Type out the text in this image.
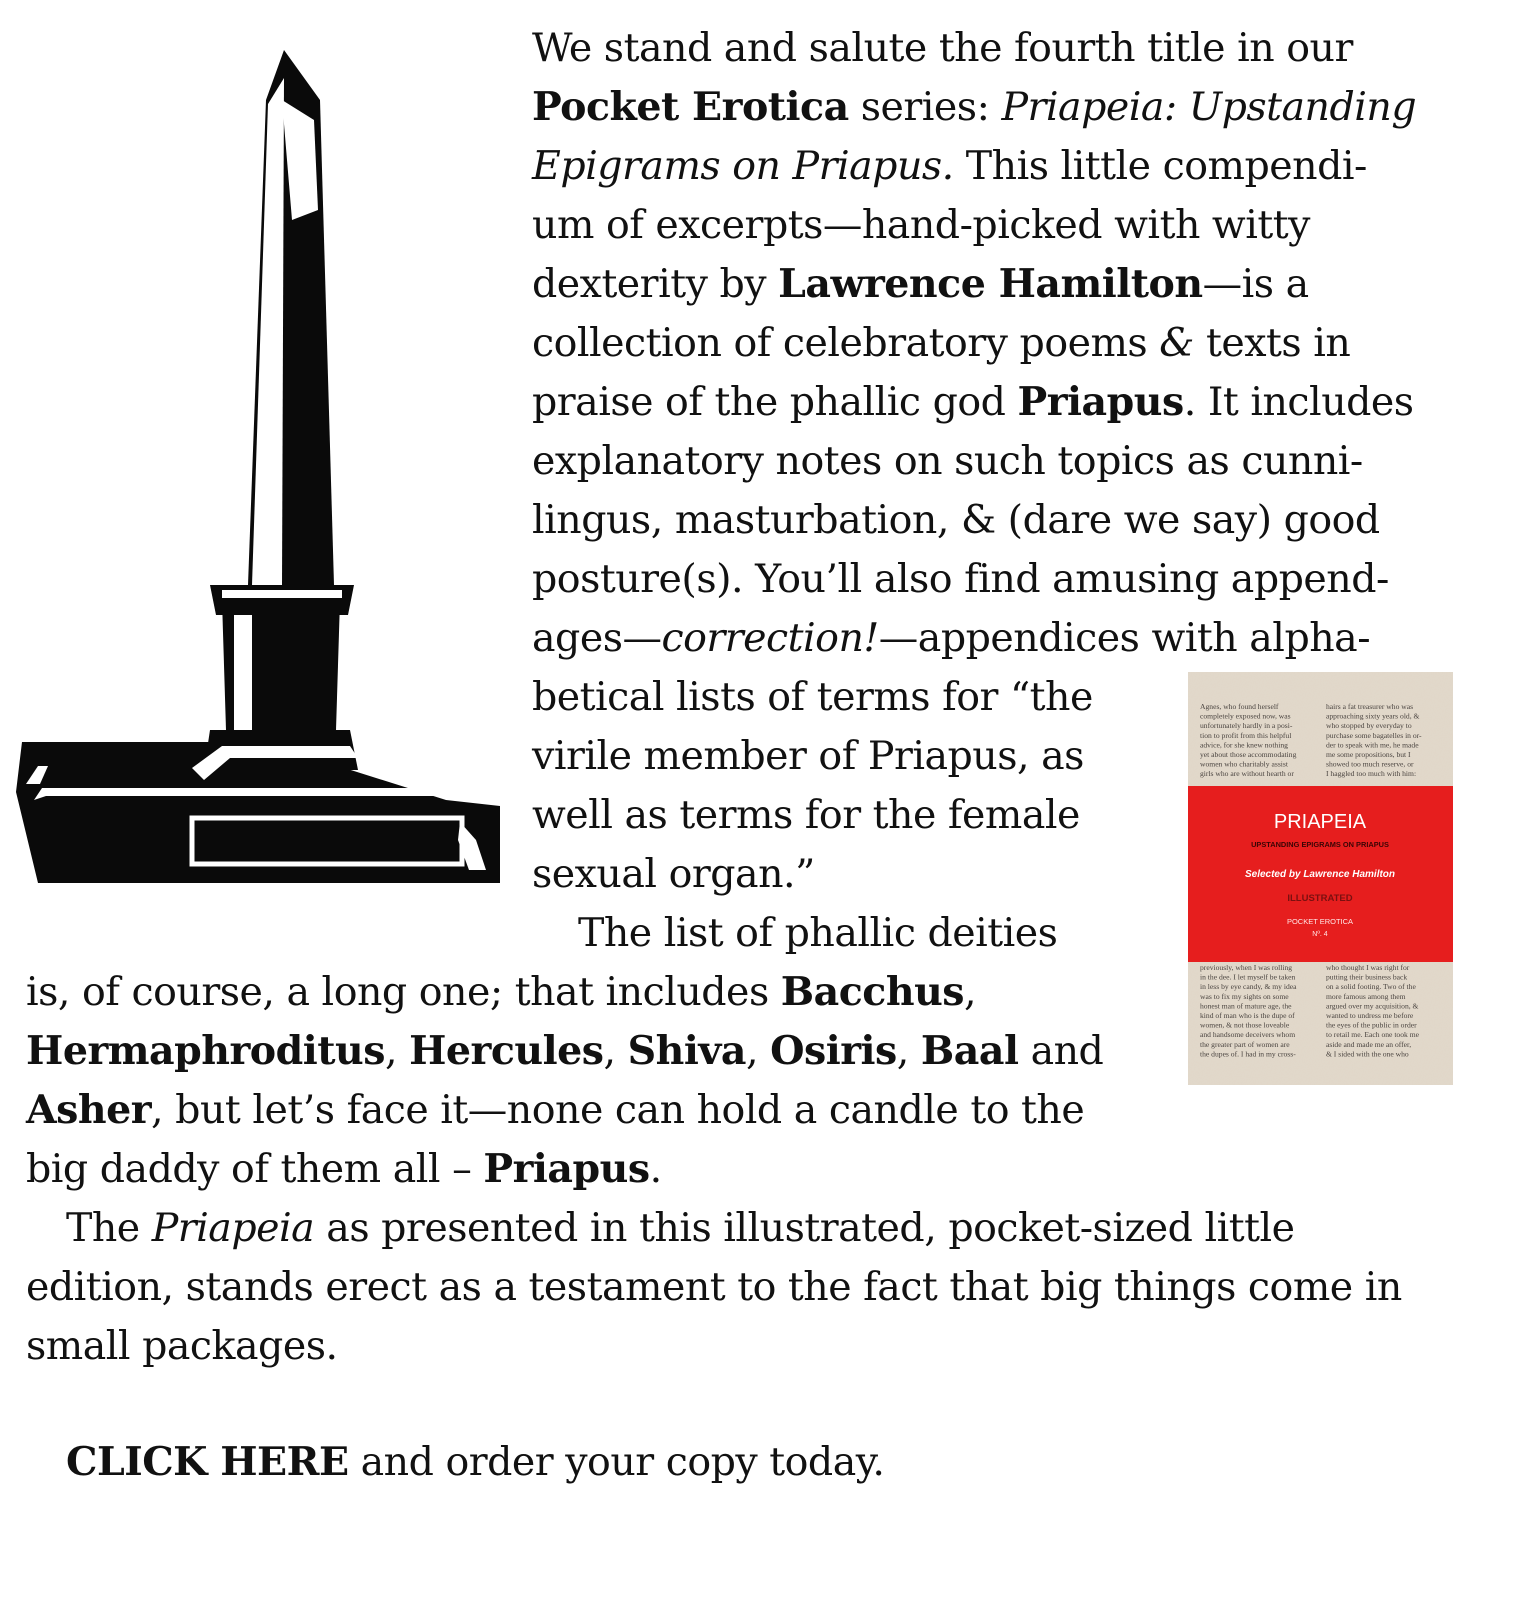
Agnes, who found herself
completely exposed now, was
unfortunately hardly in a posi-
tion to profit from this helpful
advice, for she knew nothing
yet about those accommodating
women who charitably assist
girls who are without hearth or
hairs a fat treasurer who was
approaching sixty years old, &
who stopped by everyday to
purchase some bagatelles in or-
der to speak with me, he made
me some propositions, but I
showed too much reserve, or
I haggled too much with him:
previously, when I was rolling
in the dee. I let myself be taken
in less by eye candy, & my idea
was to fix my sights on some
honest man of mature age, the
kind of man who is the dupe of
women, & not those loveable
and handsome deceivers whom
the greater part of women are
the dupes of. I had in my cross-
who thought I was right for
putting their business back
on a solid footing. Two of the
more famous among them
argued over my acquisition, &
wanted to undress me before
the eyes of the public in order
to retail me. Each one took me
aside and made me an offer,
& I sided with the one who
PRIAPEIA
UPSTANDING EPIGRAMS ON PRIAPUS
Selected by Lawrence Hamilton
ILLUSTRATED
POCKET EROTICA
Nº. 4
We stand and salute the fourth title in our
Pocket Erotica series: Priapeia: Upstanding
Epigrams on Priapus. This little compendi-
um of excerpts—hand-picked with witty
dexterity by Lawrence Hamilton—is a
collection of celebratory poems & texts in
praise of the phallic god Priapus. It includes
explanatory notes on such topics as cunni-
lingus, masturbation, & (dare we say) good
posture(s). You’ll also find amusing append-
ages—correction!—appendices with alpha-
betical lists of terms for “the
virile member of Priapus, as
well as terms for the female
sexual organ.”
The list of phallic deities
is, of course, a long one; that includes Bacchus,
Hermaphroditus, Hercules, Shiva, Osiris, Baal and
Asher, but let’s face it—none can hold a candle to the
big daddy of them all – Priapus.
The Priapeia as presented in this illustrated, pocket-sized little
edition, stands erect as a testament to the fact that big things come in
small packages.
CLICK HERE and order your copy today.
